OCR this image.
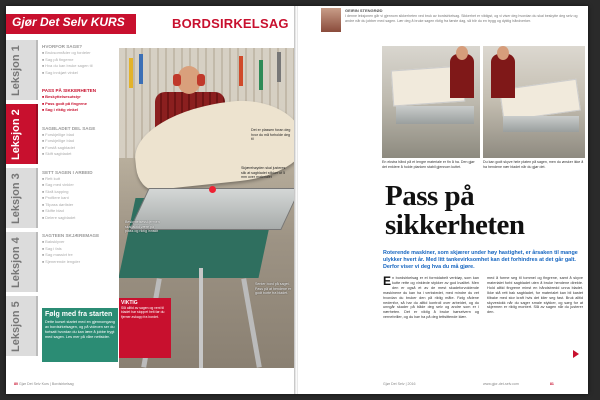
Gjør Det Selv KURS	BORDSIRKELSAG
Leksjon 1
Leksjon 2
Leksjon 3
Leksjon 4
Leksjon 5
HVORFOR SAGE?
■ Bruksområder og fordeler
■ Sag på fingerne
■ Hva du kan bruke sagen til
■ Sag innkjørt vinkel
PASS PÅ SIKKERHETEN
■ Beskyttelsesutstyr
■ Pass godt på fingrene
■ Sag i riktig vinkel
SAGBLADET DEL SAGE
■ Forskjellige blad
■ Forskjellige blad
■ Forstå sagbladet
■ Skift sagbladet
SETT SAGEN I ARBEID
■ Rett kutt
■ Sag med vinkler
■ Skrå kapping
■ Profilere kant
■ Tilpass dørlister
■ Skifte blad
■ Delere sagbladet
SAGTEEN SKJÆREMAGE
■ Baksklyver
■ Sag i fals
■ Sag massivt tre
■ Sjenerende lengder
Følg med fra starten
Dette kurset startet med en gjennomgang av bordsirkelsagen, og på videoen ser du fortsatt hvordan du kan lære å jobbe trygt med sagen. Les mer på våre nettsider.
Det er plassen foran deg hvor du må forholde deg til
Skjærehøyden skal justeres slik at sagbladet stikker ut 5 mm over materialet
Beskyttelsesskjermen skal alltid være på plass og riktig innstilt
Senter bord på saget. Pass på at hendene er godt borte fra bladet.
VIKTIG
Slå alltid av sagen og vent til bladet har stoppet helt før du fjerner avkapp fra bordet.
80 Gjør Det Selv Kurs | Bordsirkelsag
GEIRIN STENGRØD
I denne leksjonen går vi gjennom sikkerheten ved bruk av bordsirkelsag. Sikkerhet er viktigst, og vi viser deg hvordan du skal beskytte deg selv og andre når du jobber med sagen. Lær deg å bruke sagen riktig fra første dag, så blir du en trygg og dyktig håndverker.
En ekstra hånd på et lengre materiale er fin å ha. Den gjør det enklere å holde planken stabil gjennom kuttet.
Du kan godt skyve hele platen på sagen, men du ønsker ikke å ha hendene nær bladet når du gjør det.
Pass på sikkerheten
Roterende maskiner, som skjærer under høy hastighet, er årsaken til mange ulykker hvert år. Med litt tankevirksomhet kan det forhindres at det går galt. Derfor viser vi deg hva du må gjøre.
En bordsirkelsag er et formidabelt verktøy, som kan kutte rette og vinklede stykker av god kvalitet. Men den er også et av de mest skadeforvoldende maskinene du kan ha i verkstedet, med mindre du vet hvordan du bruker den på riktig måte. Følg rådene nedenfor, så har du alltid kontroll over arbeidet, og du unngår skader på både deg selv og andre som er i nærheten. Det er viktig å bruke hørselvern og vernebriller, og du bør ha på deg tettsittende klær.
med å forme seg til tommel og fingrene, samt å skyve materialet forbi sagbladet uten å bruke hendene direkte. Hold alltid fingrene minst en håndsbredd unna bladet. Ikke stå rett bak sagbladet, for materialet kan bli kastet tilbake med stor kraft hvis det kiler seg fast. Bruk alltid skyvestokk når du sager smale stykker, og sørg for at skjermen er riktig montert. Slå av sagen når du justerer den.
Gjør Det Selv | 2016	www.gjor-det-selv.com	81
